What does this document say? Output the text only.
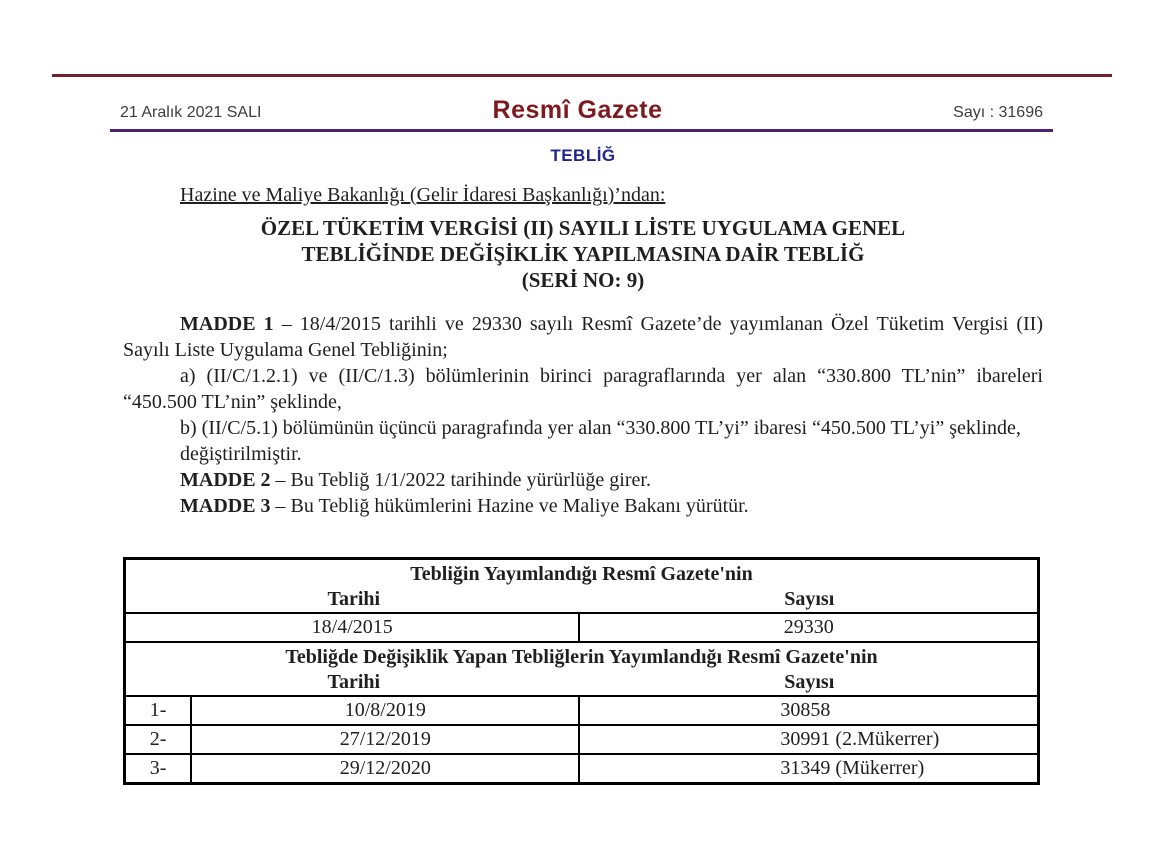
21 Aralık 2021 SALI	Resmî Gazete	Sayı : 31696
TEBLİĞ
Hazine ve Maliye Bakanlığı (Gelir İdaresi Başkanlığı)’ndan:
ÖZEL TÜKETİM VERGİSİ (II) SAYILI LİSTE UYGULAMA GENEL
TEBLİĞİNDE DEĞİŞİKLİK YAPILMASINA DAİR TEBLİĞ
(SERİ NO: 9)

MADDE 1 – 18/4/2015 tarihli ve 29330 sayılı Resmî Gazete’de yayımlanan Özel Tüketim Vergisi (II) Sayılı Liste Uygulama Genel Tebliğinin;

a) (II/C/1.2.1) ve (II/C/1.3) bölümlerinin birinci paragraflarında yer alan “330.800 TL’nin” ibareleri “450.500 TL’nin” şeklinde,

b) (II/C/5.1) bölümünün üçüncü paragrafında yer alan “330.800 TL’yi” ibaresi “450.500 TL’yi” şeklinde,

değiştirilmiştir.

MADDE 2 – Bu Tebliğ 1/1/2022 tarihinde yürürlüğe girer.

MADDE 3 – Bu Tebliğ hükümlerini Hazine ve Maliye Bakanı yürütür.

Tebliğin Yayımlandığı Resmî Gazete'nin
Tarihi Sayısı		

18/4/2015		29330

Tebliğde Değişiklik Yapan Tebliğlerin Yayımlandığı Resmî Gazete'nin
Tarihi Sayısı		

1-	10/8/2019	30858
2-	27/12/2019	30991 (2.Mükerrer)
3-	29/12/2020	31349 (Mükerrer)
